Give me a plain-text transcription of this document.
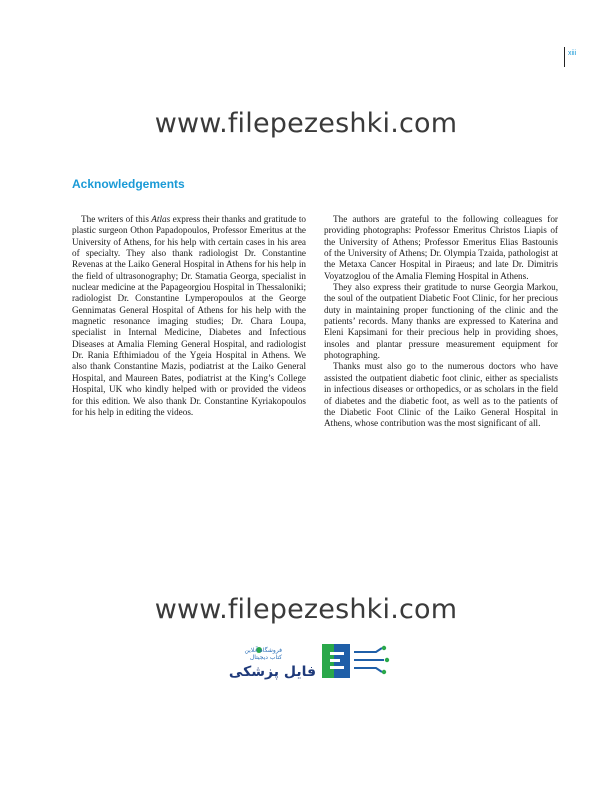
xiii
www.filepezeshki.com
Acknowledgements

The writers of this Atlas express their thanks and gratitude to plastic surgeon Othon Papadopoulos, Professor Emeritus at the University of Athens, for his help with certain cases in his area of specialty. They also thank radiologist Dr. Constantine Revenas at the Laiko General Hospital in Athens for his help in the field of ultrasonography; Dr. Stamatia Georga, specialist in nuclear medicine at the Papageorgiou Hospital in Thessaloniki; radiologist Dr. Constantine Lymperopoulos at the George Gennimatas General Hospital of Athens for his help with the magnetic resonance imaging studies; Dr. Chara Loupa, specialist in Internal Medicine, Diabetes and Infectious Diseases at Amalia Fleming General Hospital, and radiologist Dr. Rania Efthimiadou of the Ygeia Hospital in Athens. We also thank Constantine Mazis, podiatrist at the Laiko General Hospital, and Maureen Bates, podiatrist at the King’s College Hospital, UK who kindly helped with or provided the videos for this edition. We also thank Dr. Constantine Kyriakopoulos for his help in editing the videos.

The authors are grateful to the following colleagues for providing photographs: Professor Emeritus Christos Liapis of the University of Athens; Professor Emeritus Elias Bastounis of the University of Athens; Dr. Olympia Tzaida, pathologist at the Metaxa Cancer Hospital in Piraeus; and late Dr. Dimitris Voyatzoglou of the Amalia Fleming Hospital in Athens.

They also express their gratitude to nurse Georgia Markou, the soul of the outpatient Diabetic Foot Clinic, for her precious duty in maintaining proper functioning of the clinic and the patients’ records. Many thanks are expressed to Katerina and Eleni Kapsimani for their precious help in providing shoes, insoles and plantar pressure measurement equipment for photographing.

Thanks must also go to the numerous doctors who have assisted the outpatient diabetic foot clinic, either as specialists in infectious diseases or orthopedics, or as scholars in the field of diabetes and the diabetic foot, as well as to the patients of the Diabetic Foot Clinic of the Laiko General Hospital in Athens, whose contribution was the most significant of all.

www.filepezeshki.com
فروشگاه آنلاین
کتاب دیجیتال
فایل پزشکی
